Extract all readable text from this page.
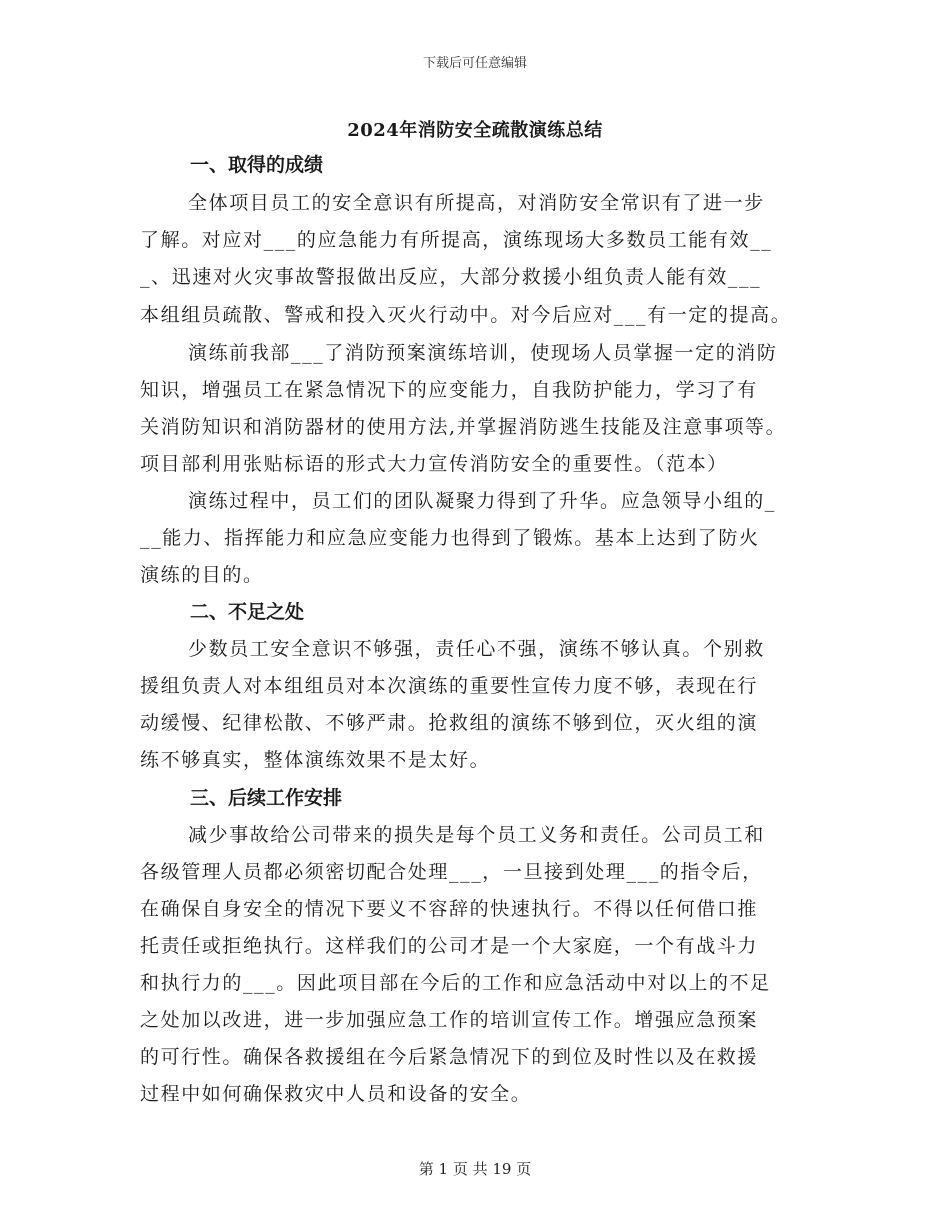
下载后可任意编辑
2024年消防安全疏散演练总结
一、取得的成绩
全体项目员工的安全意识有所提高，对消防安全常识有了进一步
了解。对应对___的应急能力有所提高，演练现场大多数员工能有效__
_、迅速对火灾事故警报做出反应，大部分救援小组负责人能有效___
本组组员疏散、警戒和投入灭火行动中。对今后应对___有一定的提高。
演练前我部___了消防预案演练培训，使现场人员掌握一定的消防
知识，增强员工在紧急情况下的应变能力，自我防护能力，学习了有
关消防知识和消防器材的使用方法,并掌握消防逃生技能及注意事项等。
项目部利用张贴标语的形式大力宣传消防安全的重要性。（范本）
演练过程中，员工们的团队凝聚力得到了升华。应急领导小组的_
__能力、指挥能力和应急应变能力也得到了锻炼。基本上达到了防火
演练的目的。
二、不足之处
少数员工安全意识不够强，责任心不强，演练不够认真。个别救
援组负责人对本组组员对本次演练的重要性宣传力度不够，表现在行
动缓慢、纪律松散、不够严肃。抢救组的演练不够到位，灭火组的演
练不够真实，整体演练效果不是太好。
三、后续工作安排
减少事故给公司带来的损失是每个员工义务和责任。公司员工和
各级管理人员都必须密切配合处理___，一旦接到处理___的指令后，
在确保自身安全的情况下要义不容辞的快速执行。不得以任何借口推
托责任或拒绝执行。这样我们的公司才是一个大家庭，一个有战斗力
和执行力的___。因此项目部在今后的工作和应急活动中对以上的不足
之处加以改进，进一步加强应急工作的培训宣传工作。增强应急预案
的可行性。确保各救援组在今后紧急情况下的到位及时性以及在救援
过程中如何确保救灾中人员和设备的安全。
第 1 页 共 19 页
